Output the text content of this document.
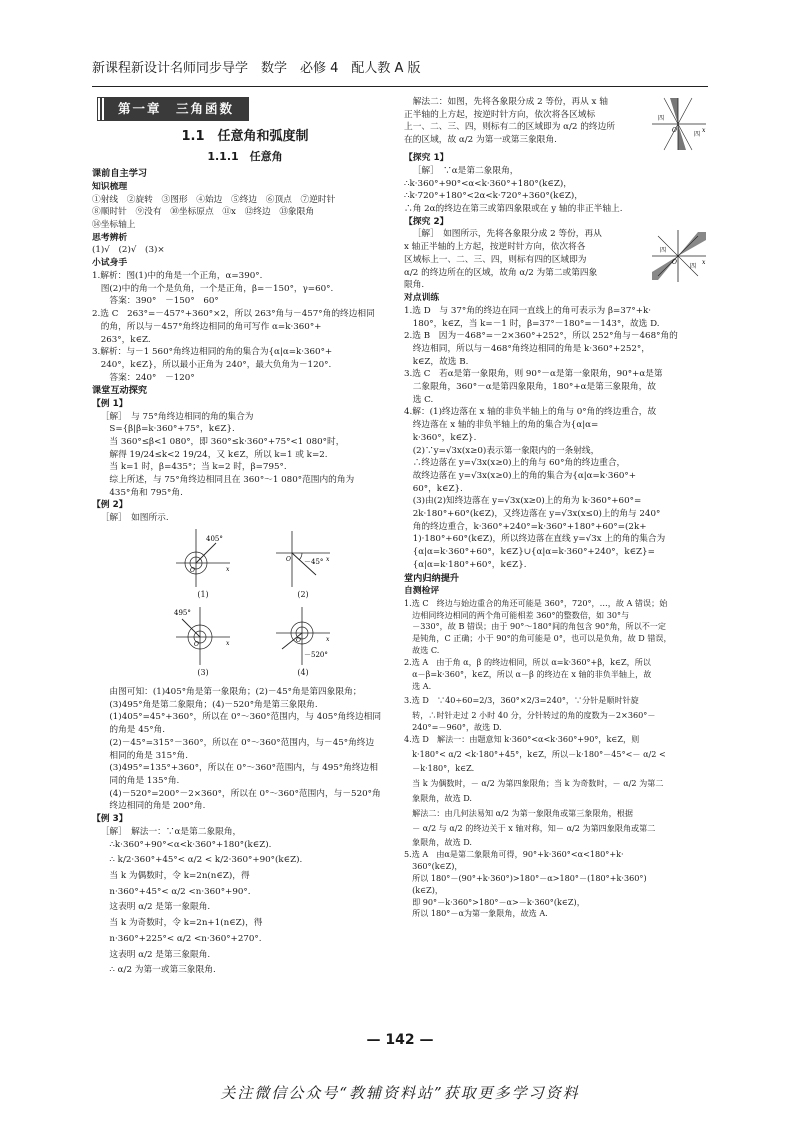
新课程新设计名师同步导学　数学　必修 4　配人教 A 版
第一章　三角函数
1.1　任意角和弧度制
1.1.1　任意角
课前自主学习
知识梳理
①射线　②旋转　③图形　④始边　⑤终边　⑥顶点　⑦逆时针
⑧顺时针　⑨没有　⑩坐标原点　⑪x　⑫终边　⑬象限角
⑭坐标轴上
思考辨析
(1)√　(2)√　(3)×
小试身手
1.解析：图(1)中的角是一个正角，α=390°.
　图(2)中的角一个是负角，一个是正角，β=－150°，γ=60°.
答案：390°　－150°　60°
2.选 C　263°=－457°+360°×2，所以 263°角与－457°角的终边相同
　的角，所以与－457°角终边相同的角可写作 α=k·360°+
　263°，k∈Z.
3.解析：与－1 560°角终边相同的角的集合为{α|α=k·360°+
　240°，k∈Z}，所以最小正角为 240°，最大负角为－120°.
答案：240°　－120°
课堂互动探究
【例 1】
［解］　与 75°角终边相同的角的集合为
S={β|β=k·360°+75°，k∈Z}.
当 360°≤β<1 080°，即 360°≤k·360°+75°<1 080°时，
解得 19/24≤k<2 19/24，又 k∈Z，所以 k=1 或 k=2.
当 k=1 时，β=435°；当 k=2 时，β=795°.
综上所述，与 75°角终边相同且在 360°～1 080°范围内的角为
435°角和 795°角.
【例 2】
［解］　如图所示.
405°
O	x
(1)
－45°
O	x
(2)
495°
O	x
(3)
－520°
O	x
(4)
由图可知：(1)405°角是第一象限角；(2)－45°角是第四象限角；
(3)495°角是第二象限角；(4)－520°角是第三象限角.
(1)405°=45°+360°，所以在 0°～360°范围内，与 405°角终边相同
的角是 45°角.
(2)－45°=315°－360°，所以在 0°～360°范围内，与－45°角终边
相同的角是 315°角.
(3)495°=135°+360°，所以在 0°～360°范围内，与 495°角终边相
同的角是 135°角.
(4)－520°=200°－2×360°，所以在 0°～360°范围内，与－520°角
终边相同的角是 200°角.
【例 3】
［解］　解法一：∵α是第二象限角，
∴k·360°+90°<α<k·360°+180°(k∈Z).
∴ k/2·360°+45°< α/2 < k/2·360°+90°(k∈Z).
当 k 为偶数时，令 k=2n(n∈Z)，得
n·360°+45°< α/2 <n·360°+90°.
这表明 α/2 是第一象限角.
当 k 为奇数时，令 k=2n+1(n∈Z)，得
n·360°+225°< α/2 <n·360°+270°.
这表明 α/2 是第三象限角.
∴ α/2 为第一或第三象限角.
四
四
O	x
解法二：如图，先将各象限分成 2 等份，再从 x 轴
正半轴的上方起，按逆时针方向，依次将各区域标
上一、二、三、四，则标有二的区域即为 α/2 的终边所
在的区域，故 α/2 为第一或第三象限角.
【探究 1】
［解］　∵α是第二象限角，
∴k·360°+90°<α<k·360°+180°(k∈Z)，
∴k·720°+180°<2α<k·720°+360°(k∈Z)，
∴角 2α的终边在第三或第四象限或在 y 轴的非正半轴上.
【探究 2】
四
四
O	x
［解］　如图所示，先将各象限分成 2 等份，再从
x 轴正半轴的上方起，按逆时针方向，依次将各
区域标上一、二、三、四，则标有四的区域即为
α/2 的终边所在的区域，故角 α/2 为第二或第四象
限角.
对点训练
1.选 D　与 37°角的终边在同一直线上的角可表示为 β=37°+k·
　180°，k∈Z，当 k=－1 时，β=37°－180°=－143°，故选 D.
2.选 B　因为－468°=－2×360°+252°，所以 252°角与－468°角的
　终边相同，所以与－468°角终边相同的角是 k·360°+252°，
　k∈Z，故选 B.
3.选 C　若α是第一象限角，则 90°－α是第一象限角，90°+α是第
　二象限角，360°－α是第四象限角，180°+α是第三象限角，故
　选 C.
4.解：(1)终边落在 x 轴的非负半轴上的角与 0°角的终边重合，故
　终边落在 x 轴的非负半轴上的角的集合为{α|α=
　k·360°，k∈Z}.
　(2)∵y=√3x(x≥0)表示第一象限内的一条射线，
　∴终边落在 y=√3x(x≥0)上的角与 60°角的终边重合，
　故终边落在 y=√3x(x≥0)上的角的集合为{α|α=k·360°+
　60°，k∈Z}.
　(3)由(2)知终边落在 y=√3x(x≥0)上的角为 k·360°+60°=
　2k·180°+60°(k∈Z)，又终边落在 y=√3x(x≤0)上的角与 240°
　角的终边重合，k·360°+240°=k·360°+180°+60°=(2k+
　1)·180°+60°(k∈Z)，所以终边落在直线 y=√3x 上的角的集合为
　{α|α=k·360°+60°，k∈Z}∪{α|α=k·360°+240°，k∈Z}=
　{α|α=k·180°+60°，k∈Z}.
堂内归纳提升
自测检评
1.选 C　终边与始边重合的角还可能是 360°，720°，…，故 A 错误；始
　边相同终边相同的两个角可能相差 360°的整数倍，如 30°与
　－330°，故 B 错误；由于 90°～180°间的角包含 90°角，所以不一定
　是钝角，C 正确；小于 90°的角可能是 0°，也可以是负角，故 D 错误，
　故选 C.
2.选 A　由于角 α，β 的终边相同，所以 α=k·360°+β，k∈Z，所以
　α－β=k·360°，k∈Z，所以 α－β 的终边在 x 轴的非负半轴上，故
　选 A.
3.选 D　∵40÷60=2/3，360°×2/3=240°，∵分针是顺时针旋
　转，∴时针走过 2 小时 40 分，分针转过的角的度数为－2×360°－
　240°=－960°，故选 D.
4.选 D　解法一：由题意知 k·360°<α<k·360°+90°，k∈Z，则
　k·180°< α/2 <k·180°+45°，k∈Z，所以－k·180°－45°<－ α/2 <
　－k·180°，k∈Z.
　当 k 为偶数时，－ α/2 为第四象限角；当 k 为奇数时，－ α/2 为第二
　象限角，故选 D.
　解法二：由几何法易知 α/2 为第一象限角或第三象限角，根据
　－ α/2 与 α/2 的终边关于 x 轴对称，知－ α/2 为第四象限角或第二
　象限角，故选 D.
5.选 A　由α是第二象限角可得，90°+k·360°<α<180°+k·
　360°(k∈Z)，
　所以 180°－(90°+k·360°)>180°－α>180°－(180°+k·360°)
　(k∈Z)，
　即 90°－k·360°>180°－α>－k·360°(k∈Z)，
　所以 180°－α为第一象限角，故选 A.
— 142 —
关注微信公众号“教辅资料站”获取更多学习资料
